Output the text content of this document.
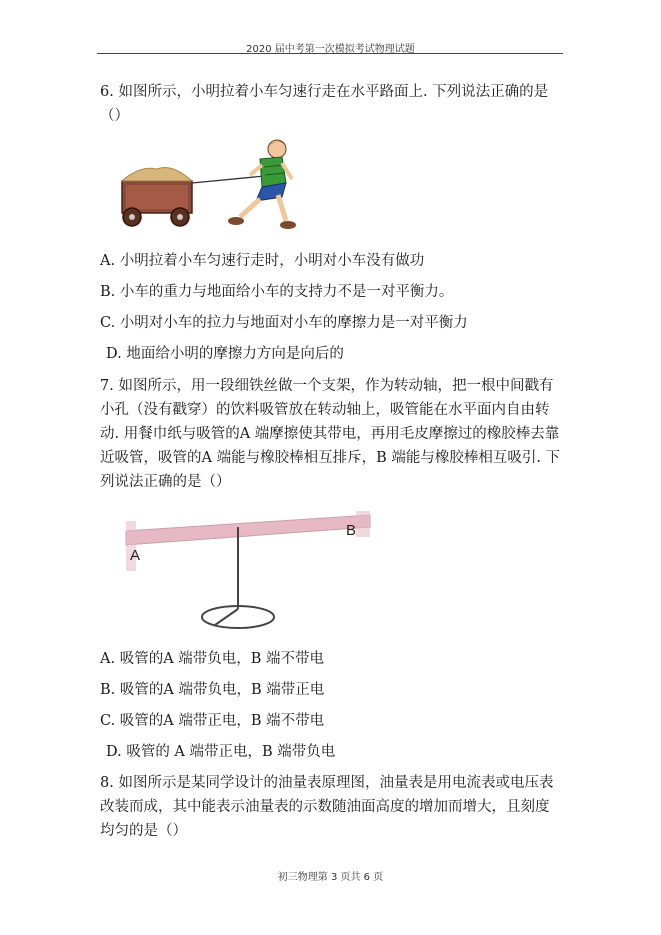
2020 届中考第一次模拟考试物理试题
6. 如图所示，小明拉着小车匀速行走在水平路面上. 下列说法正确的是（）
A. 小明拉着小车匀速行走时，小明对小车没有做功
B. 小车的重力与地面给小车的支持力不是一对平衡力。
C. 小明对小车的拉力与地面对小车的摩擦力是一对平衡力
D. 地面给小明的摩擦力方向是向后的
7. 如图所示，用一段细铁丝做一个支架，作为转动轴，把一根中间戳有小孔（没有戳穿）的饮料吸管放在转动轴上，吸管能在水平面内自由转动. 用餐巾纸与吸管的A 端摩擦使其带电，再用毛皮摩擦过的橡胶棒去靠近吸管，吸管的A 端能与橡胶棒相互排斥，B 端能与橡胶棒相互吸引. 下列说法正确的是（）
A
B
A. 吸管的A 端带负电，B 端不带电
B. 吸管的A 端带负电，B 端带正电
C. 吸管的A 端带正电，B 端不带电
D. 吸管的 A 端带正电，B 端带负电
8. 如图所示是某同学设计的油量表原理图，油量表是用电流表或电压表改装而成，其中能表示油量表的示数随油面高度的增加而增大，且刻度均匀的是（）
初三物理第 3 页共 6 页
